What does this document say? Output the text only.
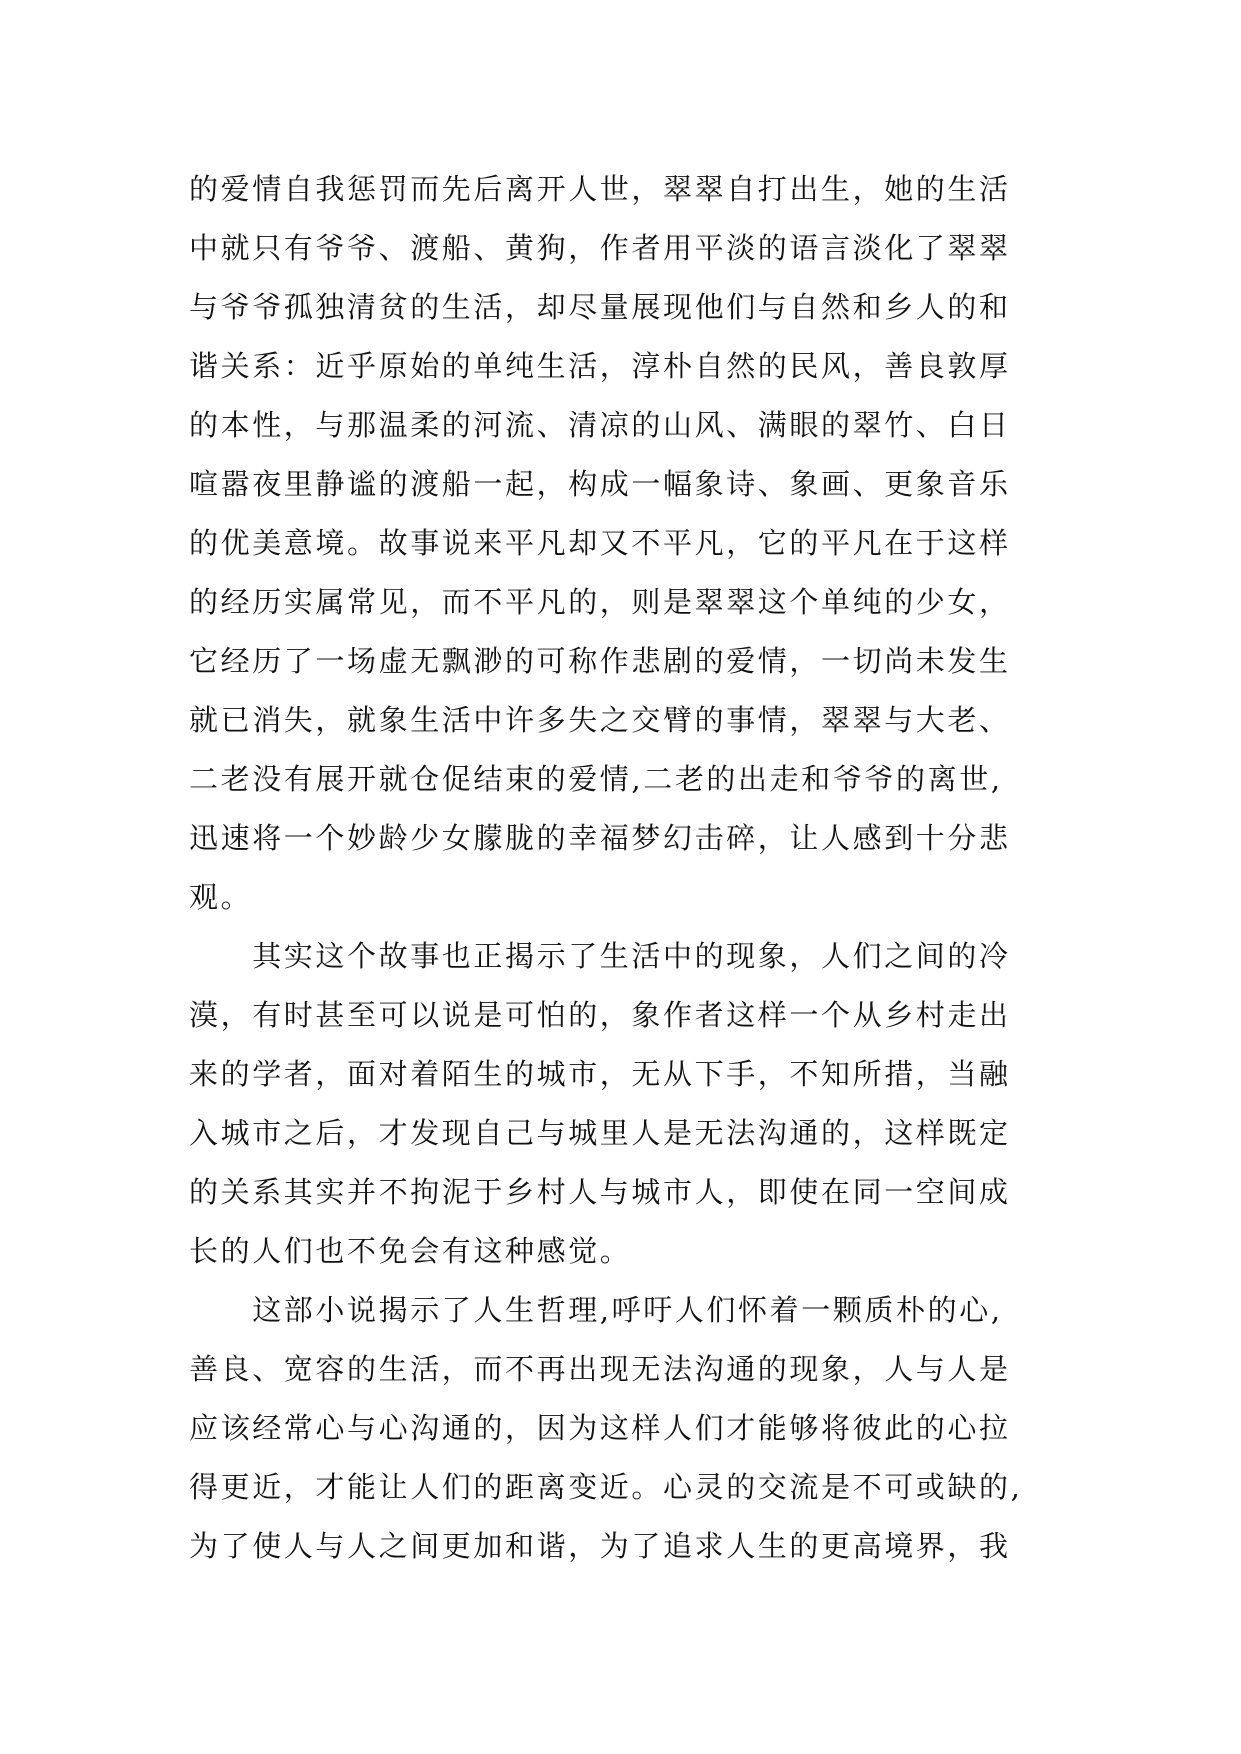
的爱情自我惩罚而先后离开人世，翠翠自打出生，她的生活
中就只有爷爷、渡船、黄狗，作者用平淡的语言淡化了翠翠
与爷爷孤独清贫的生活，却尽量展现他们与自然和乡人的和
谐关系：近乎原始的单纯生活，淳朴自然的民风，善良敦厚
的本性，与那温柔的河流、清凉的山风、满眼的翠竹、白日
喧嚣夜里静谧的渡船一起，构成一幅象诗、象画、更象音乐
的优美意境。故事说来平凡却又不平凡，它的平凡在于这样
的经历实属常见，而不平凡的，则是翠翠这个单纯的少女，
它经历了一场虚无飘渺的可称作悲剧的爱情，一切尚未发生
就已消失，就象生活中许多失之交臂的事情，翠翠与大老、
二老没有展开就仓促结束的爱情,二老的出走和爷爷的离世,
迅速将一个妙龄少女朦胧的幸福梦幻击碎，让人感到十分悲
观。
　　其实这个故事也正揭示了生活中的现象，人们之间的冷
漠，有时甚至可以说是可怕的，象作者这样一个从乡村走出
来的学者，面对着陌生的城市，无从下手，不知所措，当融
入城市之后，才发现自己与城里人是无法沟通的，这样既定
的关系其实并不拘泥于乡村人与城市人，即使在同一空间成
长的人们也不免会有这种感觉。
　　这部小说揭示了人生哲理,呼吁人们怀着一颗质朴的心,
善良、宽容的生活，而不再出现无法沟通的现象，人与人是
应该经常心与心沟通的，因为这样人们才能够将彼此的心拉
得更近，才能让人们的距离变近。心灵的交流是不可或缺的,
为了使人与人之间更加和谐，为了追求人生的更高境界，我
